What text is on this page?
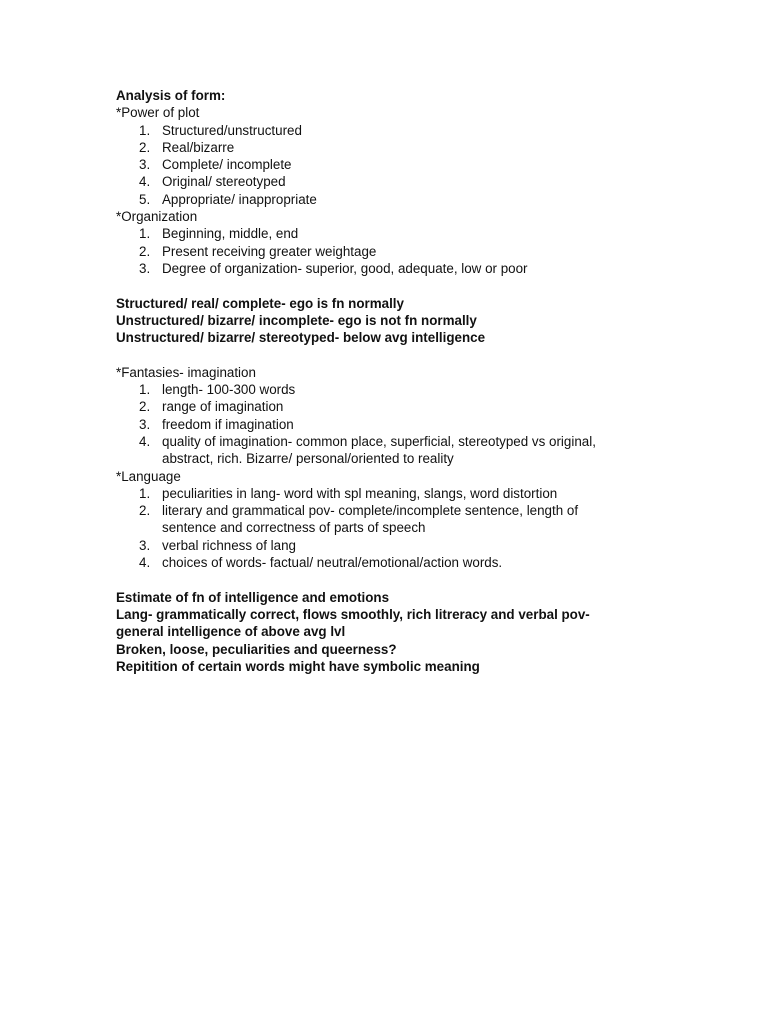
Analysis of form:

*Power of plot

1. Structured/unstructured
2. Real/bizarre
3. Complete/ incomplete
4. Original/ stereotyped
5. Appropriate/ inappropriate

*Organization

1. Beginning, middle, end
2. Present receiving greater weightage
3. Degree of organization- superior, good, adequate, low or poor

Structured/ real/ complete- ego is fn normally

Unstructured/ bizarre/ incomplete- ego is not fn normally

Unstructured/ bizarre/ stereotyped- below avg intelligence

*Fantasies- imagination

1. length- 100-300 words
2. range of imagination
3. freedom if imagination
4. quality of imagination- common place, superficial, stereotyped vs original,
abstract, rich. Bizarre/ personal/oriented to reality

*Language

1. peculiarities in lang- word with spl meaning, slangs, word distortion
2. literary and grammatical pov- complete/incomplete sentence, length of
sentence and correctness of parts of speech
3. verbal richness of lang
4. choices of words- factual/ neutral/emotional/action words.

Estimate of fn of intelligence and emotions

Lang- grammatically correct, flows smoothly, rich litreracy and verbal pov-

general intelligence of above avg lvl

Broken, loose, peculiarities and queerness?

Repitition of certain words might have symbolic meaning
